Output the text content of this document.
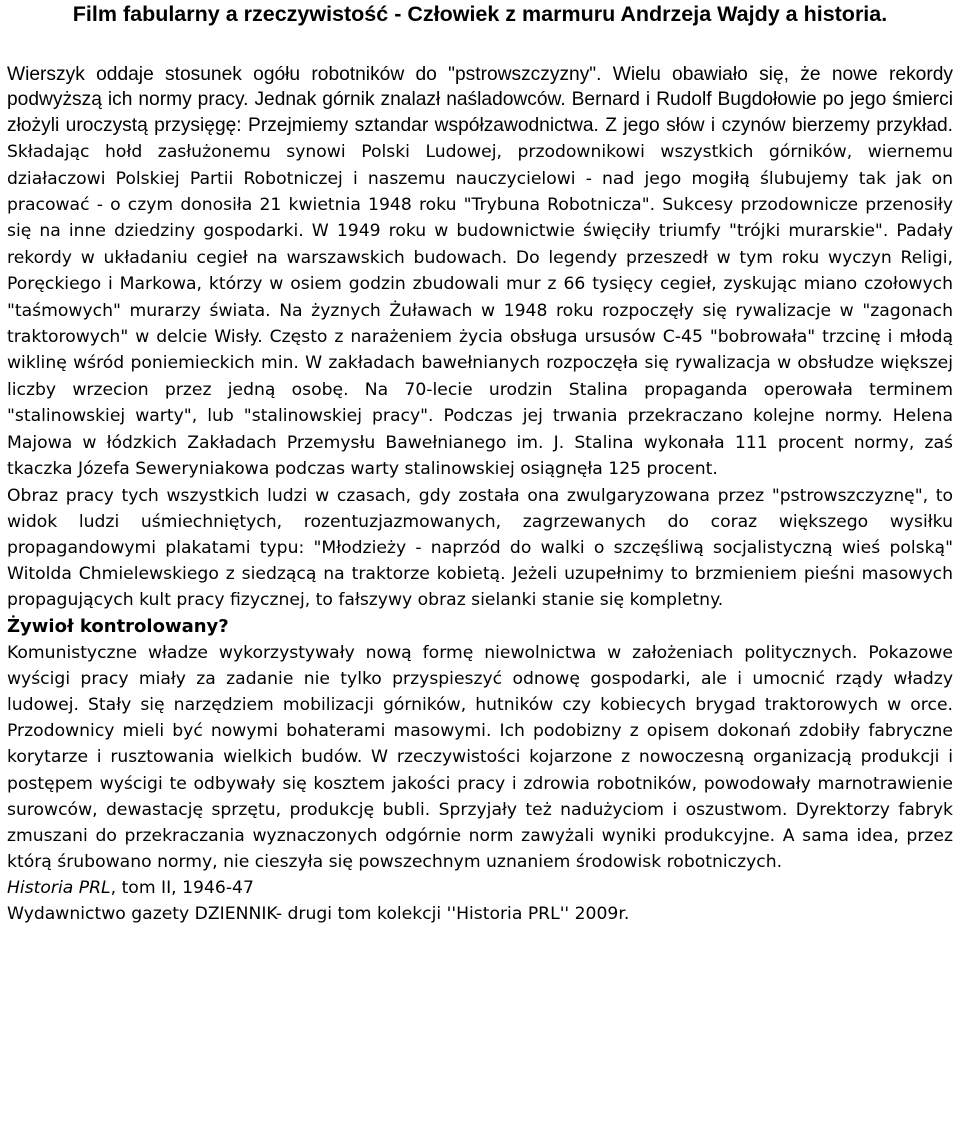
Film fabularny a rzeczywistość - Człowiek z marmuru Andrzeja Wajdy a historia.

Wierszyk oddaje stosunek ogółu robotników do "pstrowszczyzny". Wielu obawiało się, że nowe rekordy podwyższą ich normy pracy. Jednak górnik znalazł naśladowców. Bernard i Rudolf Bugdołowie po jego śmierci złożyli uroczystą przysięgę: Przejmiemy sztandar współzawodnictwa. Z jego słów i czynów bierzemy przykład. Składając hołd zasłużonemu synowi Polski Ludowej, przodownikowi wszystkich górników, wiernemu działaczowi Polskiej Partii Robotniczej i naszemu nauczycielowi - nad jego mogiłą ślubujemy tak jak on pracować - o czym donosiła 21 kwietnia 1948 roku "Trybuna Robotnicza". Sukcesy przodownicze przenosiły się na inne dziedziny gospodarki. W 1949 roku w budownictwie święciły triumfy "trójki murarskie". Padały rekordy w układaniu cegieł na warszawskich budowach. Do legendy przeszedł w tym roku wyczyn Religi, Poręckiego i Markowa, którzy w osiem godzin zbudowali mur z 66 tysięcy cegieł, zyskując miano czołowych "taśmowych" murarzy świata. Na żyznych Żuławach w 1948 roku rozpoczęły się rywalizacje w "zagonach traktorowych" w delcie Wisły. Często z narażeniem życia obsługa ursusów C-45 "bobrowała" trzcinę i młodą wiklinę wśród poniemieckich min. W zakładach bawełnianych rozpoczęła się rywalizacja w obsłudze większej liczby wrzecion przez jedną osobę. Na 70-lecie urodzin Stalina propaganda operowała terminem "stalinowskiej warty", lub "stalinowskiej pracy". Podczas jej trwania przekraczano kolejne normy. Helena Majowa w łódzkich Zakładach Przemysłu Bawełnianego im. J. Stalina wykonała 111 procent normy, zaś tkaczka Józefa Seweryniakowa podczas warty stalinowskiej osiągnęła 125 procent.

Obraz pracy tych wszystkich ludzi w czasach, gdy została ona zwulgaryzowana przez "pstrowszczyznę", to widok ludzi uśmiechniętych, rozentuzjazmowanych, zagrzewanych do coraz większego wysiłku propagandowymi plakatami typu: "Młodzieży - naprzód do walki o szczęśliwą socjalistyczną wieś polską" Witolda Chmielewskiego z siedzącą na traktorze kobietą. Jeżeli uzupełnimy to brzmieniem pieśni masowych propagujących kult pracy fizycznej, to fałszywy obraz sielanki stanie się kompletny.

Żywioł kontrolowany?

Komunistyczne władze wykorzystywały nową formę niewolnictwa w założeniach politycznych. Pokazowe wyścigi pracy miały za zadanie nie tylko przyspieszyć odnowę gospodarki, ale i umocnić rządy władzy ludowej. Stały się narzędziem mobilizacji górników, hutników czy kobiecych brygad traktorowych w orce. Przodownicy mieli być nowymi bohaterami masowymi. Ich podobizny z opisem dokonań zdobiły fabryczne korytarze i rusztowania wielkich budów. W rzeczywistości kojarzone z nowoczesną organizacją produkcji i postępem wyścigi te odbywały się kosztem jakości pracy i zdrowia robotników, powodowały marnotrawienie surowców, dewastację sprzętu, produkcję bubli. Sprzyjały też nadużyciom i oszustwom. Dyrektorzy fabryk zmuszani do przekraczania wyznaczonych odgórnie norm zawyżali wyniki produkcyjne. A sama idea, przez którą śrubowano normy, nie cieszyła się powszechnym uznaniem środowisk robotniczych.

Historia PRL, tom II, 1946-47

Wydawnictwo gazety DZIENNIK- drugi tom kolekcji ''Historia PRL'' 2009r.
